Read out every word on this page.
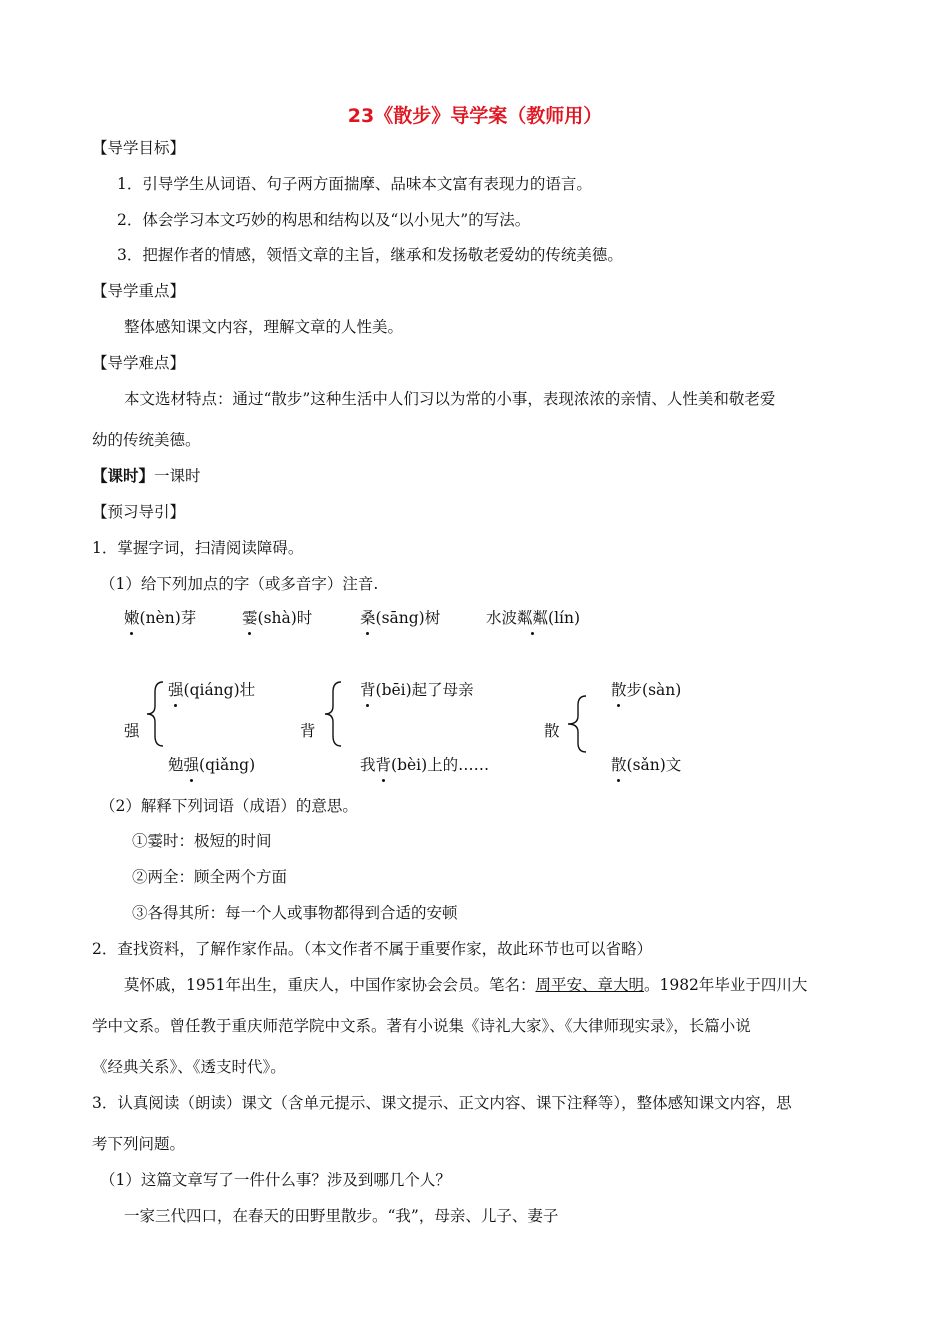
23《散步》导学案（教师用）
【导学目标】
1．引导学生从词语、句子两方面揣摩、品味本文富有表现力的语言。
2．体会学习本文巧妙的构思和结构以及“以小见大”的写法。
3．把握作者的情感，领悟文章的主旨，继承和发扬敬老爱幼的传统美德。
【导学重点】
整体感知课文内容，理解文章的人性美。
【导学难点】
本文选材特点：通过“散步”这种生活中人们习以为常的小事，表现浓浓的亲情、人性美和敬老爱
幼的传统美德。
【课时】一课时
【预习导引】
1．掌握字词，扫清阅读障碍。
（1）给下列加点的字（或多音字）注音.
嫩(nèn)芽	霎(shà)时	桑(sāng)树	水波粼粼(lín)
强
强(qiáng)壮
勉强(qiǎng)
背
背(bēi)起了母亲
我背(bèi)上的……
散
散步(sàn)
散(sǎn)文
（2）解释下列词语（成语）的意思。
①霎时：极短的时间
②两全：顾全两个方面
③各得其所：每一个人或事物都得到合适的安顿
2．查找资料，了解作家作品。（本文作者不属于重要作家，故此环节也可以省略）
莫怀戚，1951年出生，重庆人，中国作家协会会员。笔名：周平安、章大明。1982年毕业于四川大
学中文系。曾任教于重庆师范学院中文系。著有小说集《诗礼大家》、《大律师现实录》，长篇小说
《经典关系》、《透支时代》。
3．认真阅读（朗读）课文（含单元提示、课文提示、正文内容、课下注释等），整体感知课文内容，思
考下列问题。
（1）这篇文章写了一件什么事？涉及到哪几个人？
一家三代四口，在春天的田野里散步。“我”，母亲、儿子、妻子
